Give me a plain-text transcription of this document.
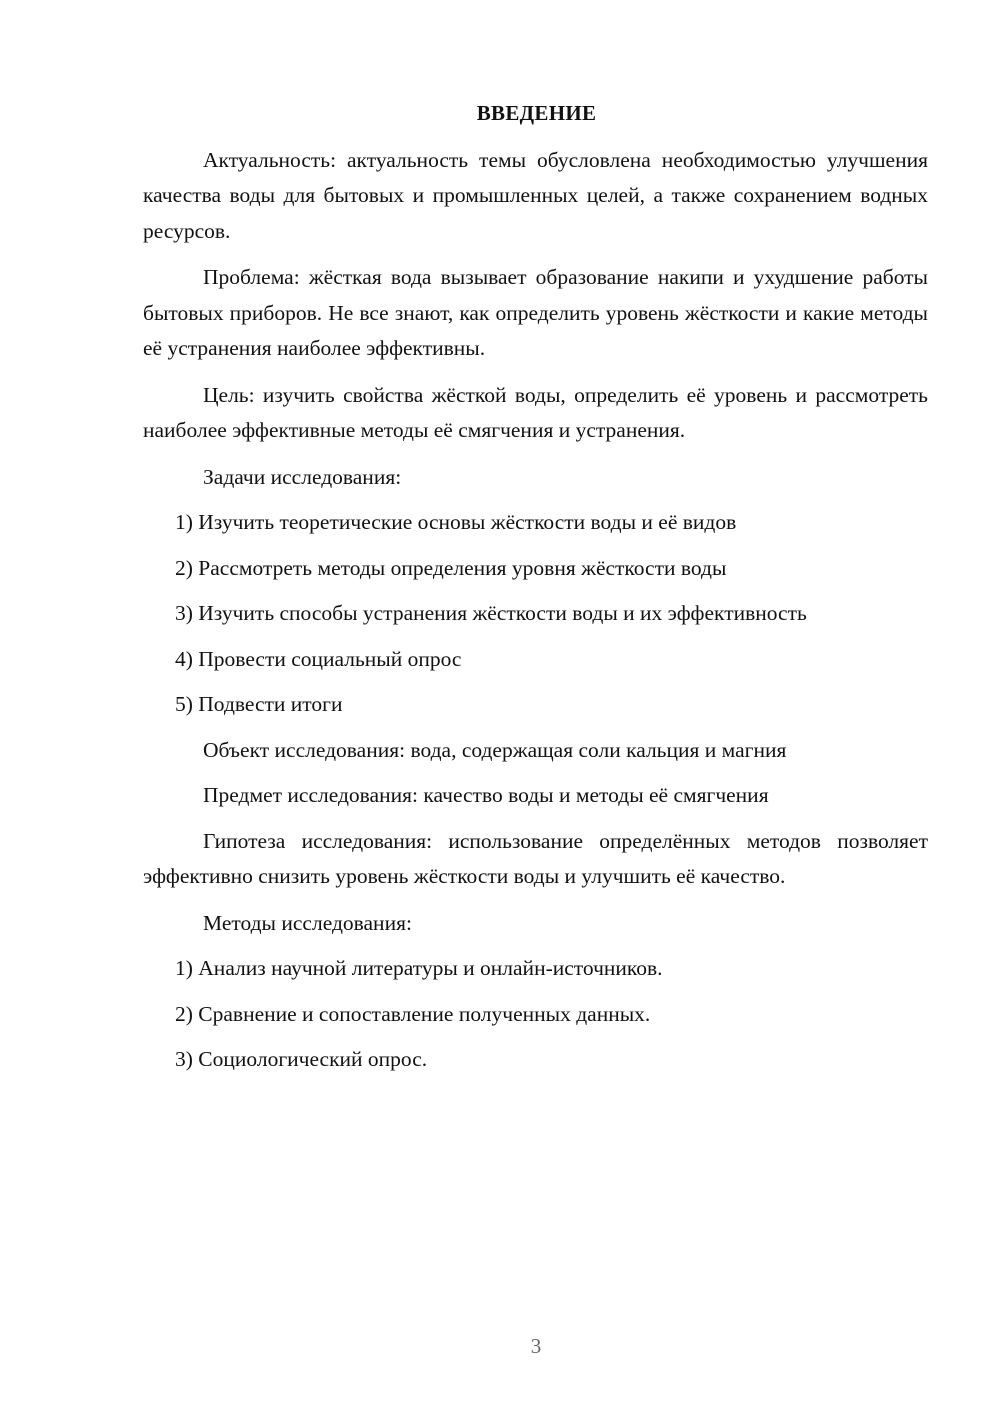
ВВЕДЕНИЕ
Актуальность: актуальность темы обусловлена необходимостью улучшения качества воды для бытовых и промышленных целей, а также сохранением водных ресурсов.
Проблема: жёсткая вода вызывает образование накипи и ухудшение работы бытовых приборов. Не все знают, как определить уровень жёсткости и какие методы её устранения наиболее эффективны.
Цель: изучить свойства жёсткой воды, определить её уровень и рассмотреть наиболее эффективные методы её смягчения и устранения.
Задачи исследования:
1) Изучить теоретические основы жёсткости воды и её видов
2) Рассмотреть методы определения уровня жёсткости воды
3) Изучить способы устранения жёсткости воды и их эффективность
4) Провести социальный опрос
5) Подвести итоги
Объект исследования: вода, содержащая соли кальция и магния
Предмет исследования: качество воды и методы её смягчения
Гипотеза исследования: использование определённых методов позволяет эффективно снизить уровень жёсткости воды и улучшить её качество.
Методы исследования:
1) Анализ научной литературы и онлайн-источников.
2) Сравнение и сопоставление полученных данных.
3) Социологический опрос.
3
